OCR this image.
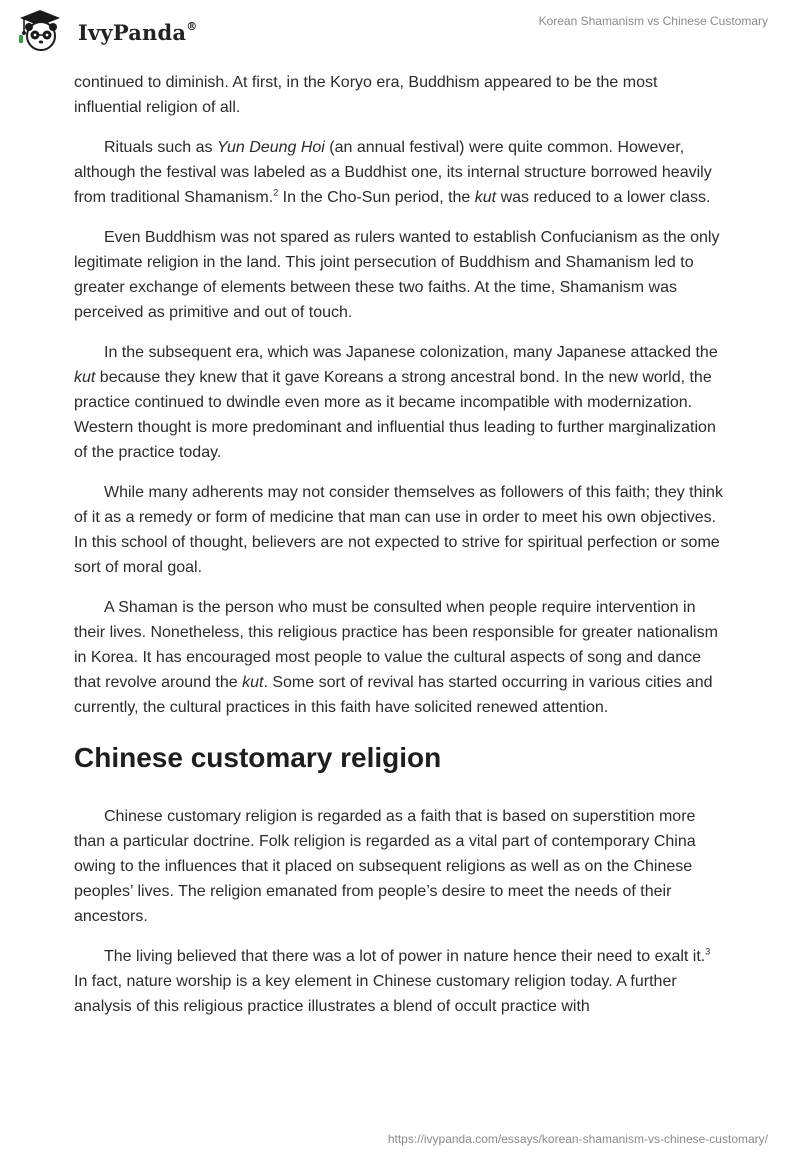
IvyPanda®	Korean Shamanism vs Chinese Customary

continued to diminish. At first, in the Koryo era, Buddhism appeared to be the most influential religion of all.

Rituals such as Yun Deung Hoi (an annual festival) were quite common. However, although the festival was labeled as a Buddhist one, its internal structure borrowed heavily from traditional Shamanism.$^2$ In the Cho-Sun period, the kut was reduced to a lower class.

Even Buddhism was not spared as rulers wanted to establish Confucianism as the only legitimate religion in the land. This joint persecution of Buddhism and Shamanism led to greater exchange of elements between these two faiths. At the time, Shamanism was perceived as primitive and out of touch.

In the subsequent era, which was Japanese colonization, many Japanese attacked the kut because they knew that it gave Koreans a strong ancestral bond. In the new world, the practice continued to dwindle even more as it became incompatible with modernization. Western thought is more predominant and influential thus leading to further marginalization of the practice today.

While many adherents may not consider themselves as followers of this faith; they think of it as a remedy or form of medicine that man can use in order to meet his own objectives. In this school of thought, believers are not expected to strive for spiritual perfection or some sort of moral goal.

A Shaman is the person who must be consulted when people require intervention in their lives. Nonetheless, this religious practice has been responsible for greater nationalism in Korea. It has encouraged most people to value the cultural aspects of song and dance that revolve around the kut. Some sort of revival has started occurring in various cities and currently, the cultural practices in this faith have solicited renewed attention.

Chinese customary religion

Chinese customary religion is regarded as a faith that is based on superstition more than a particular doctrine. Folk religion is regarded as a vital part of contemporary China owing to the influences that it placed on subsequent religions as well as on the Chinese peoples’ lives. The religion emanated from people’s desire to meet the needs of their ancestors.

The living believed that there was a lot of power in nature hence their need to exalt it.$^3$ In fact, nature worship is a key element in Chinese customary religion today. A further analysis of this religious practice illustrates a blend of occult practice with

https://ivypanda.com/essays/korean-shamanism-vs-chinese-customary/
